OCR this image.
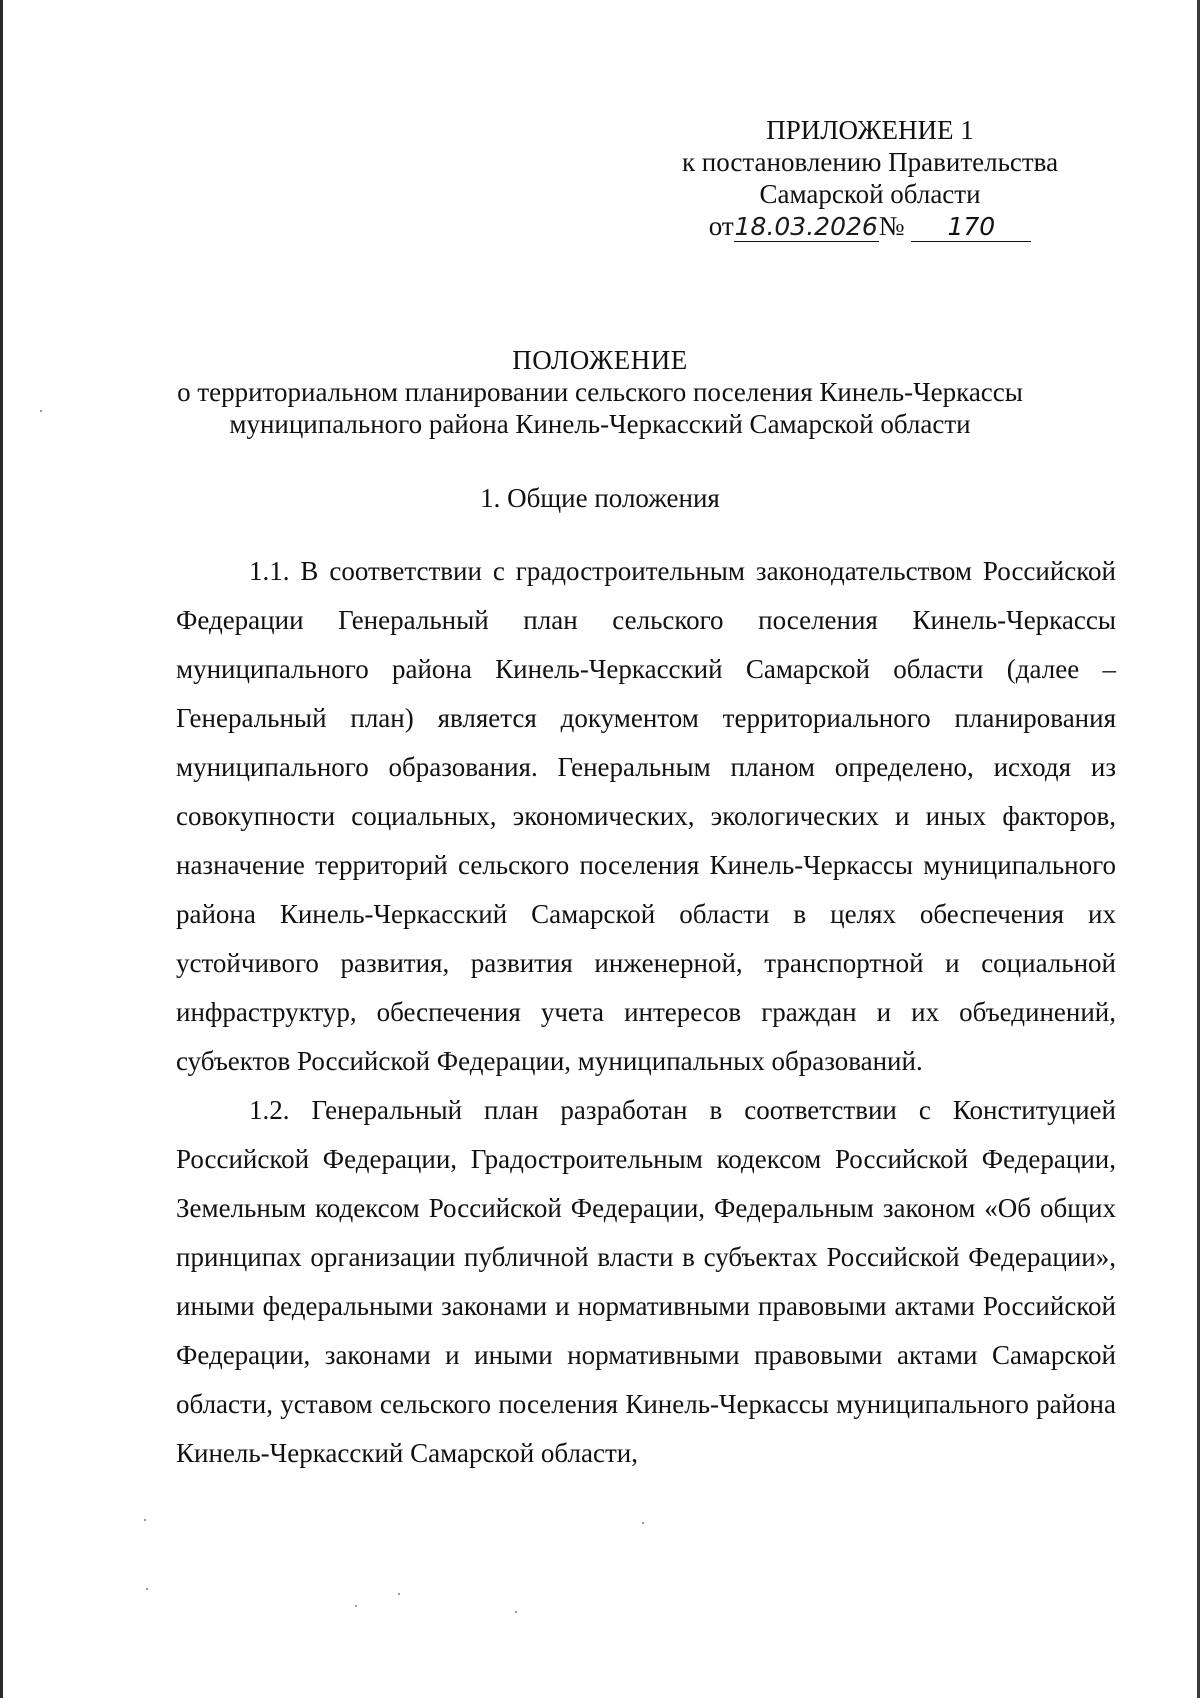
ПРИЛОЖЕНИЕ 1
к постановлению Правительства
Самарской области
от18.03.2026№ 170
ПОЛОЖЕНИЕ
о территориальном планировании сельского поселения Кинель-Черкассы
муниципального района Кинель-Черкасский Самарской области
1. Общие положения

1.1. В соответствии с градостроительным законодательством Российской Федерации Генеральный план сельского поселения Кинель-Черкассы муниципального района Кинель-Черкасский Самарской области (далее – Генеральный план) является документом территориального планирования муниципального образования. Генеральным планом определено, исходя из совокупности социальных, экономических, экологических и иных факторов, назначение территорий сельского поселения Кинель-Черкассы муниципального района Кинель-Черкасский Самарской области в целях обеспечения их устойчивого развития, развития инженерной, транспортной и социальной инфраструктур, обеспечения учета интересов граждан и их объединений, субъектов Российской Федерации, муниципальных образований.

1.2. Генеральный план разработан в соответствии с Конституцией Российской Федерации, Градостроительным кодексом Российской Федерации, Земельным кодексом Российской Федерации, Федеральным законом «Об общих принципах организации публичной власти в субъектах Российской Федерации», иными федеральными законами и нормативными правовыми актами Российской Федерации, законами и иными нормативными правовыми актами Самарской области, уставом сельского поселения Кинель-Черкассы муниципального района Кинель-Черкасский Самарской области,
